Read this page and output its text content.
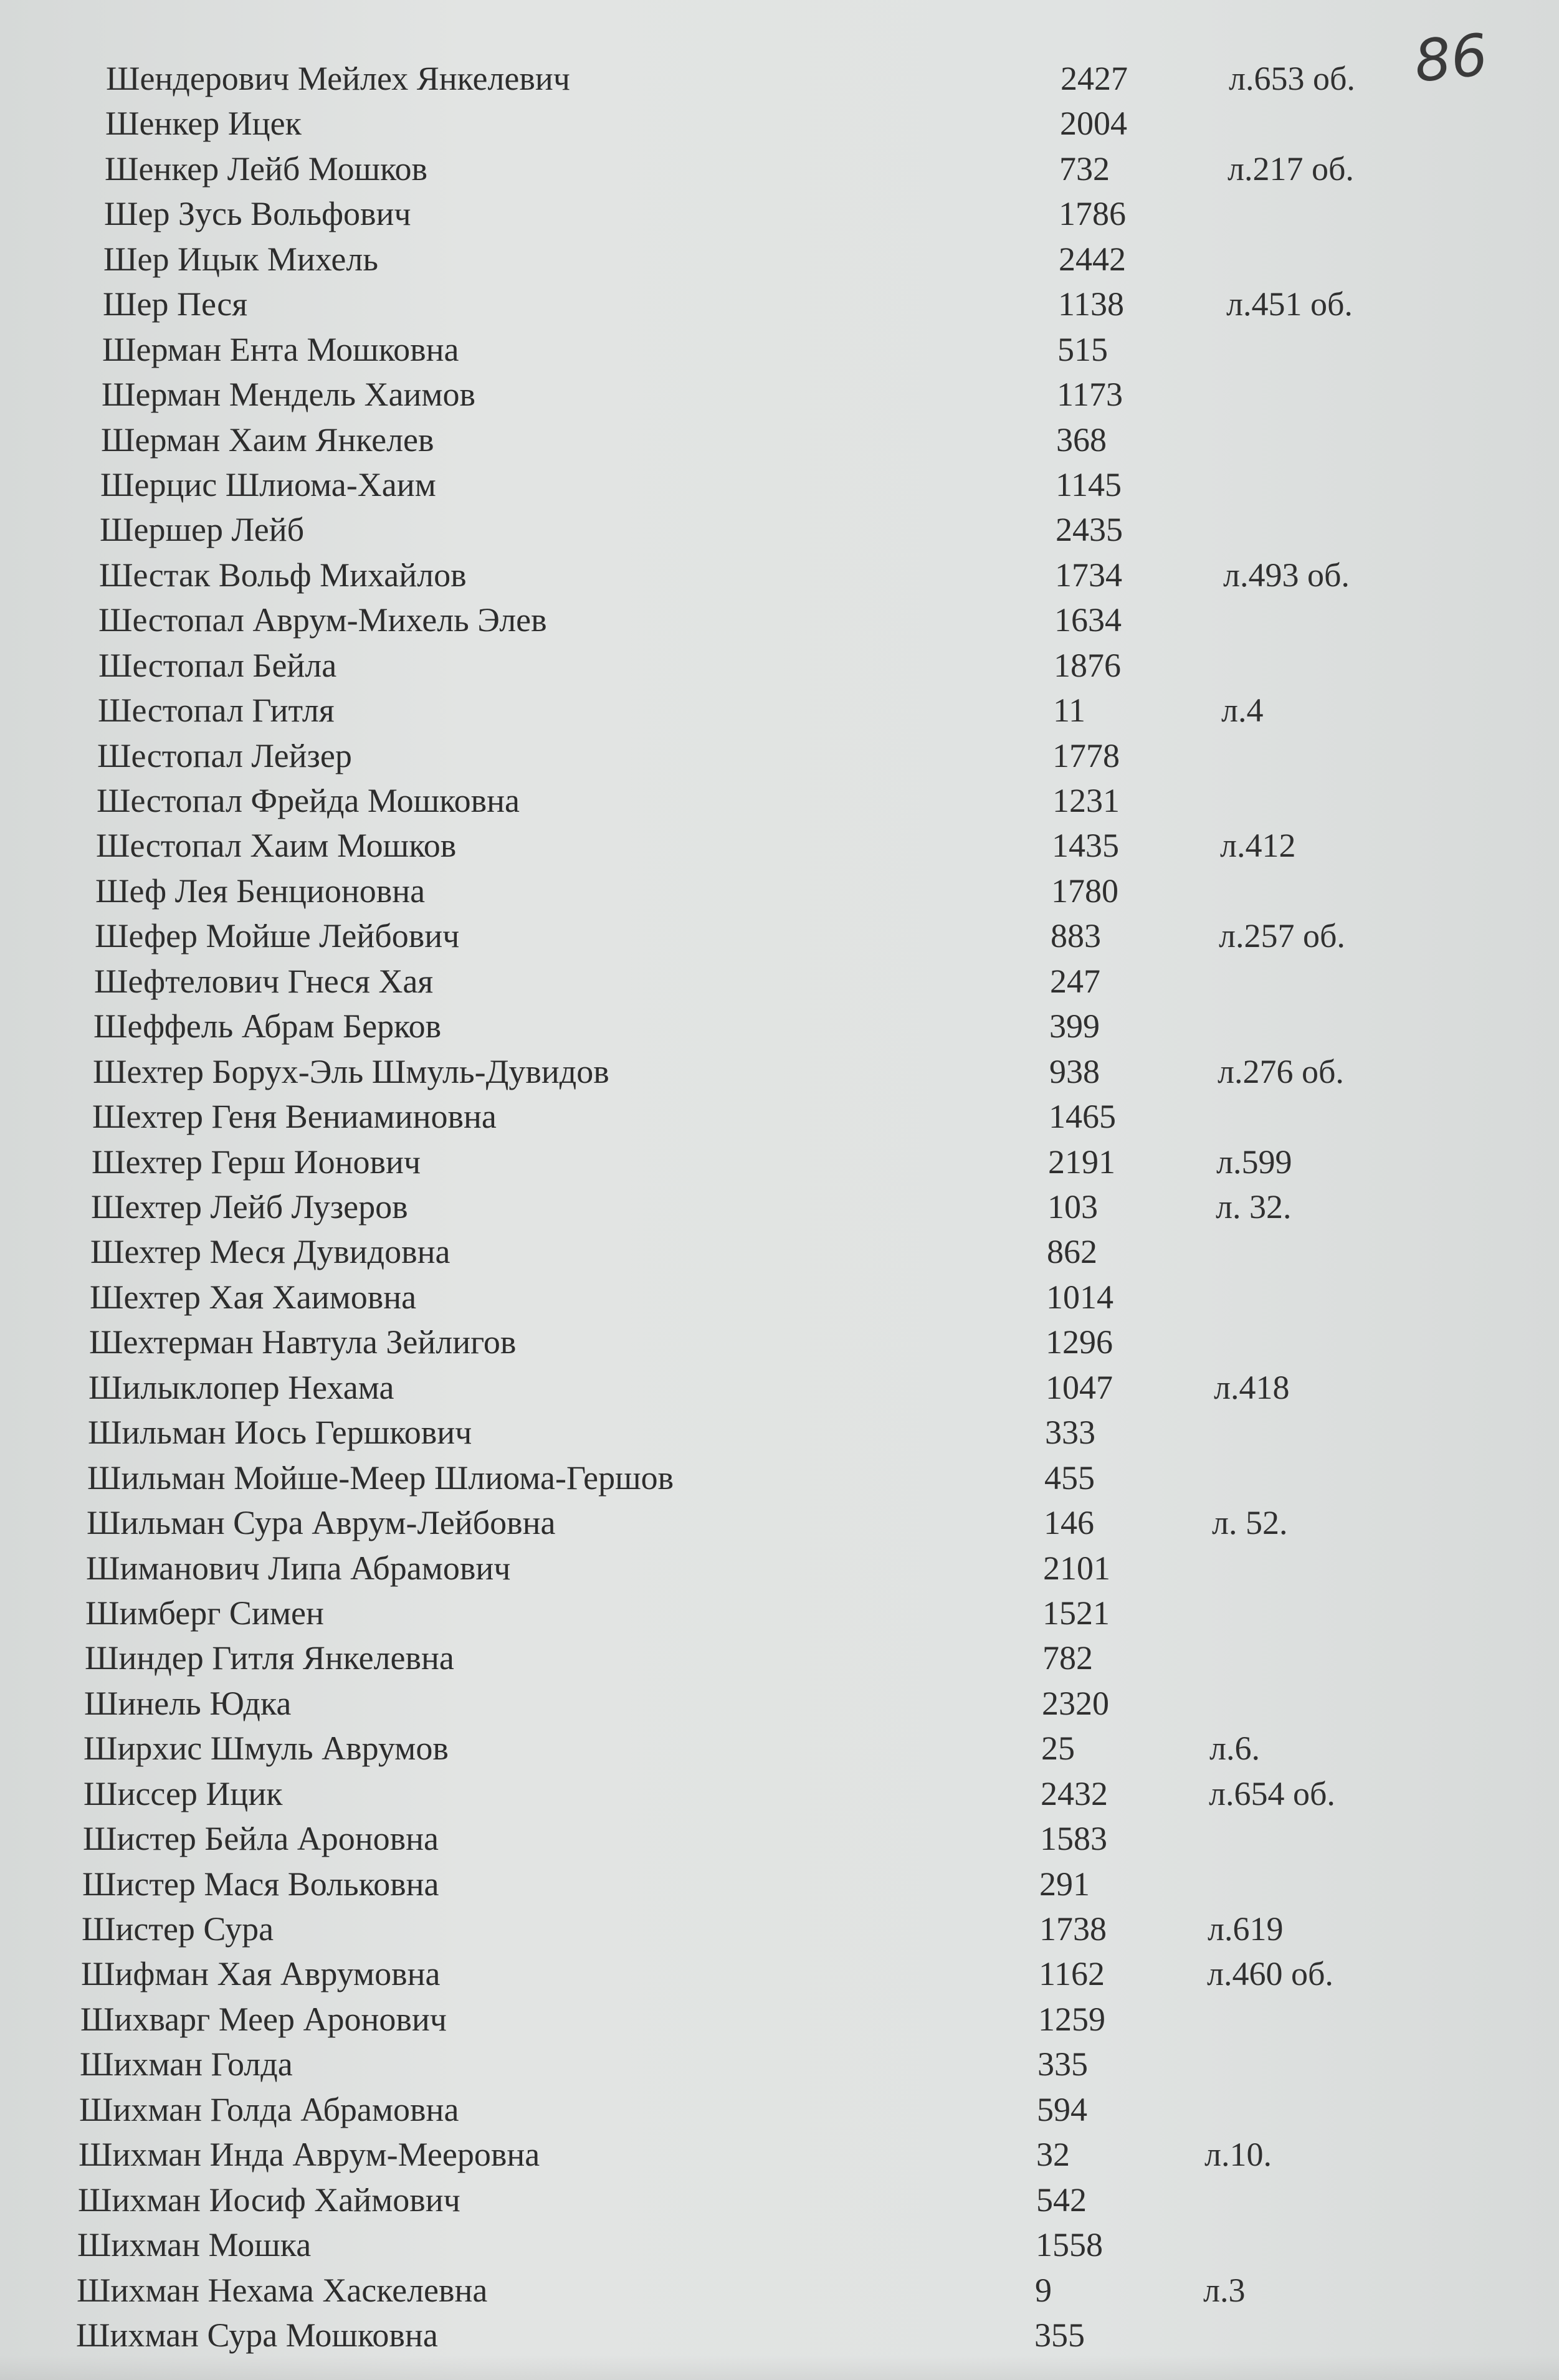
86
Шендерович Мейлех Янкелевич	2427	л.653 об.
Шенкер Ицек	2004
Шенкер Лейб Мошков	732	л.217 об.
Шер Зусь Вольфович	1786
Шер Ицык Михель	2442
Шер Песя	1138	л.451 об.
Шерман Ента Мошковна	515
Шерман Мендель Хаимов	1173
Шерман Хаим Янкелев	368
Шерцис Шлиома-Хаим	1145
Шершер Лейб	2435
Шестак Вольф Михайлов	1734	л.493 об.
Шестопал Аврум-Михель Элев	1634
Шестопал Бейла	1876
Шестопал Гитля	11	л.4
Шестопал Лейзер	1778
Шестопал Фрейда Мошковна	1231
Шестопал Хаим Мошков	1435	л.412
Шеф Лея Бенционовна	1780
Шефер Мойше Лейбович	883	л.257 об.
Шефтелович Гнеся Хая	247
Шеффель Абрам Берков	399
Шехтер Борух-Эль Шмуль-Дувидов	938	л.276 об.
Шехтер Геня Вениаминовна	1465
Шехтер Герш Ионович	2191	л.599
Шехтер Лейб Лузеров	103	л. 32.
Шехтер Меся Дувидовна	862
Шехтер Хая Хаимовна	1014
Шехтерман Навтула Зейлигов	1296
Шилыклопер Нехама	1047	л.418
Шильман Иось Гершкович	333
Шильман Мойше-Меер Шлиома-Гершов	455
Шильман Сура Аврум-Лейбовна	146	л. 52.
Шиманович Липа Абрамович	2101
Шимберг Симен	1521
Шиндер Гитля Янкелевна	782
Шинель Юдка	2320
Ширхис Шмуль Аврумов	25	л.6.
Шиссер Ицик	2432	л.654 об.
Шистер Бейла Ароновна	1583
Шистер Мася Вольковна	291
Шистер Сура	1738	л.619
Шифман Хая Аврумовна	1162	л.460 об.
Шихварг Меер Аронович	1259
Шихман Голда	335
Шихман Голда Абрамовна	594
Шихман Инда Аврум-Мееровна	32	л.10.
Шихман Иосиф Хаймович	542
Шихман Мошка	1558
Шихман Нехама Хаскелевна	9	л.3
Шихман Сура Мошковна	355
